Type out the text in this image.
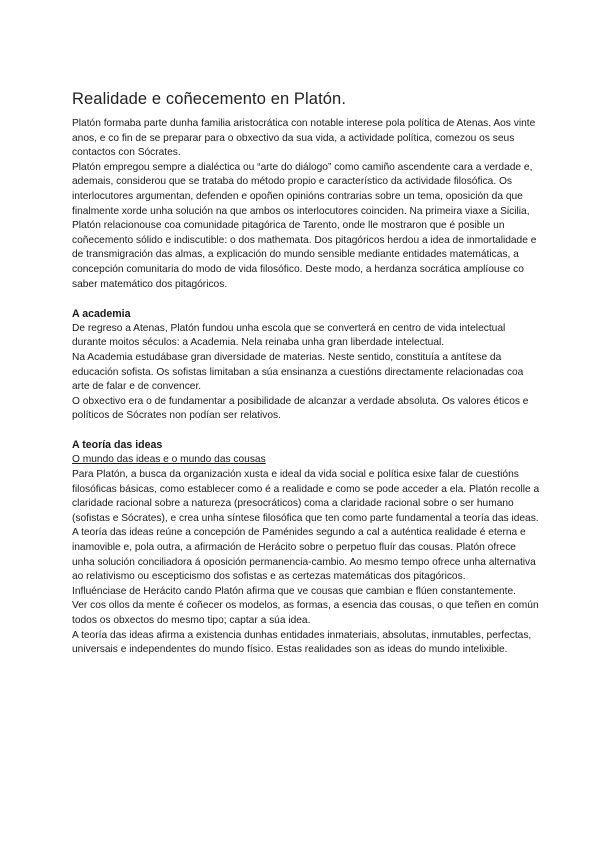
Realidade e coñecemento en Platón.

Platón formaba parte dunha familia aristocrática con notable interese pola política de Atenas. Aos vinte anos, e co fin de se preparar para o obxectivo da sua vida, a actividade política, comezou os seus contactos con Sócrates.

Platón empregou sempre a dialéctica ou “arte do diálogo” como camiño ascendente cara a verdade e, ademais, considerou que se trataba do método propio e característico da actividade filosófica. Os interlocutores argumentan, defenden e opoñen opinións contrarias sobre un tema, oposición da que finalmente xorde unha solución na que ambos os interlocutores coinciden. Na primeira viaxe a Sicilia, Platón relacionouse coa comunidade pitagórica de Tarento, onde lle mostraron que é posible un coñecemento sólido e indiscutible: o dos mathemata. Dos pitagóricos herdou a idea de inmortalidade e de transmigración das almas, a explicación do mundo sensible mediante entidades matemáticas, a concepción comunitaria do modo de vida filosófico. Deste modo, a herdanza socrática amplíouse co saber matemático dos pitagóricos.

A academia

De regreso a Atenas, Platón fundou unha escola que se converterá en centro de vida intelectual durante moitos séculos: a Academia. Nela reinaba unha gran liberdade intelectual.

Na Academia estudábase gran diversidade de materias. Neste sentido, constituía a antítese da educación sofista. Os sofistas limitaban a súa ensinanza a cuestións directamente relacionadas coa arte de falar e de convencer.

O obxectivo era o de fundamentar a posibilidade de alcanzar a verdade absoluta. Os valores éticos e políticos de Sócrates non podían ser relativos.

A teoría das ideas

O mundo das ideas e o mundo das cousas

Para Platón, a busca da organización xusta e ideal da vida social e política esixe falar de cuestións filosóficas básicas, como establecer como é a realidade e como se pode acceder a ela. Platón recolle a claridade racional sobre a natureza (presocráticos) coma a claridade racional sobre o ser humano (sofistas e Sócrates), e crea unha síntese filosófica que ten como parte fundamental a teoría das ideas.

A teoría das ideas reúne a concepción de Paménides segundo a cal a auténtica realidade é eterna e inamovible e, pola outra, a afirmación de Herácito sobre o perpetuo fluír das cousas. Platón ofrece unha solución conciliadora á oposición permanencia-cambio. Ao mesmo tempo ofrece unha alternativa ao relativismo ou escepticismo dos sofistas e as certezas matemáticas dos pitagóricos.

Influénciase de Herácito cando Platón afirma que ve cousas que cambian e flúen constantemente.

Ver cos ollos da mente é coñecer os modelos, as formas, a esencia das cousas, o que teñen en común todos os obxectos do mesmo tipo; captar a súa idea.

A teoría das ideas afirma a existencia dunhas entidades inmateriais, absolutas, inmutables, perfectas, universais e independentes do mundo físico. Estas realidades son as ideas do mundo intelixible.
